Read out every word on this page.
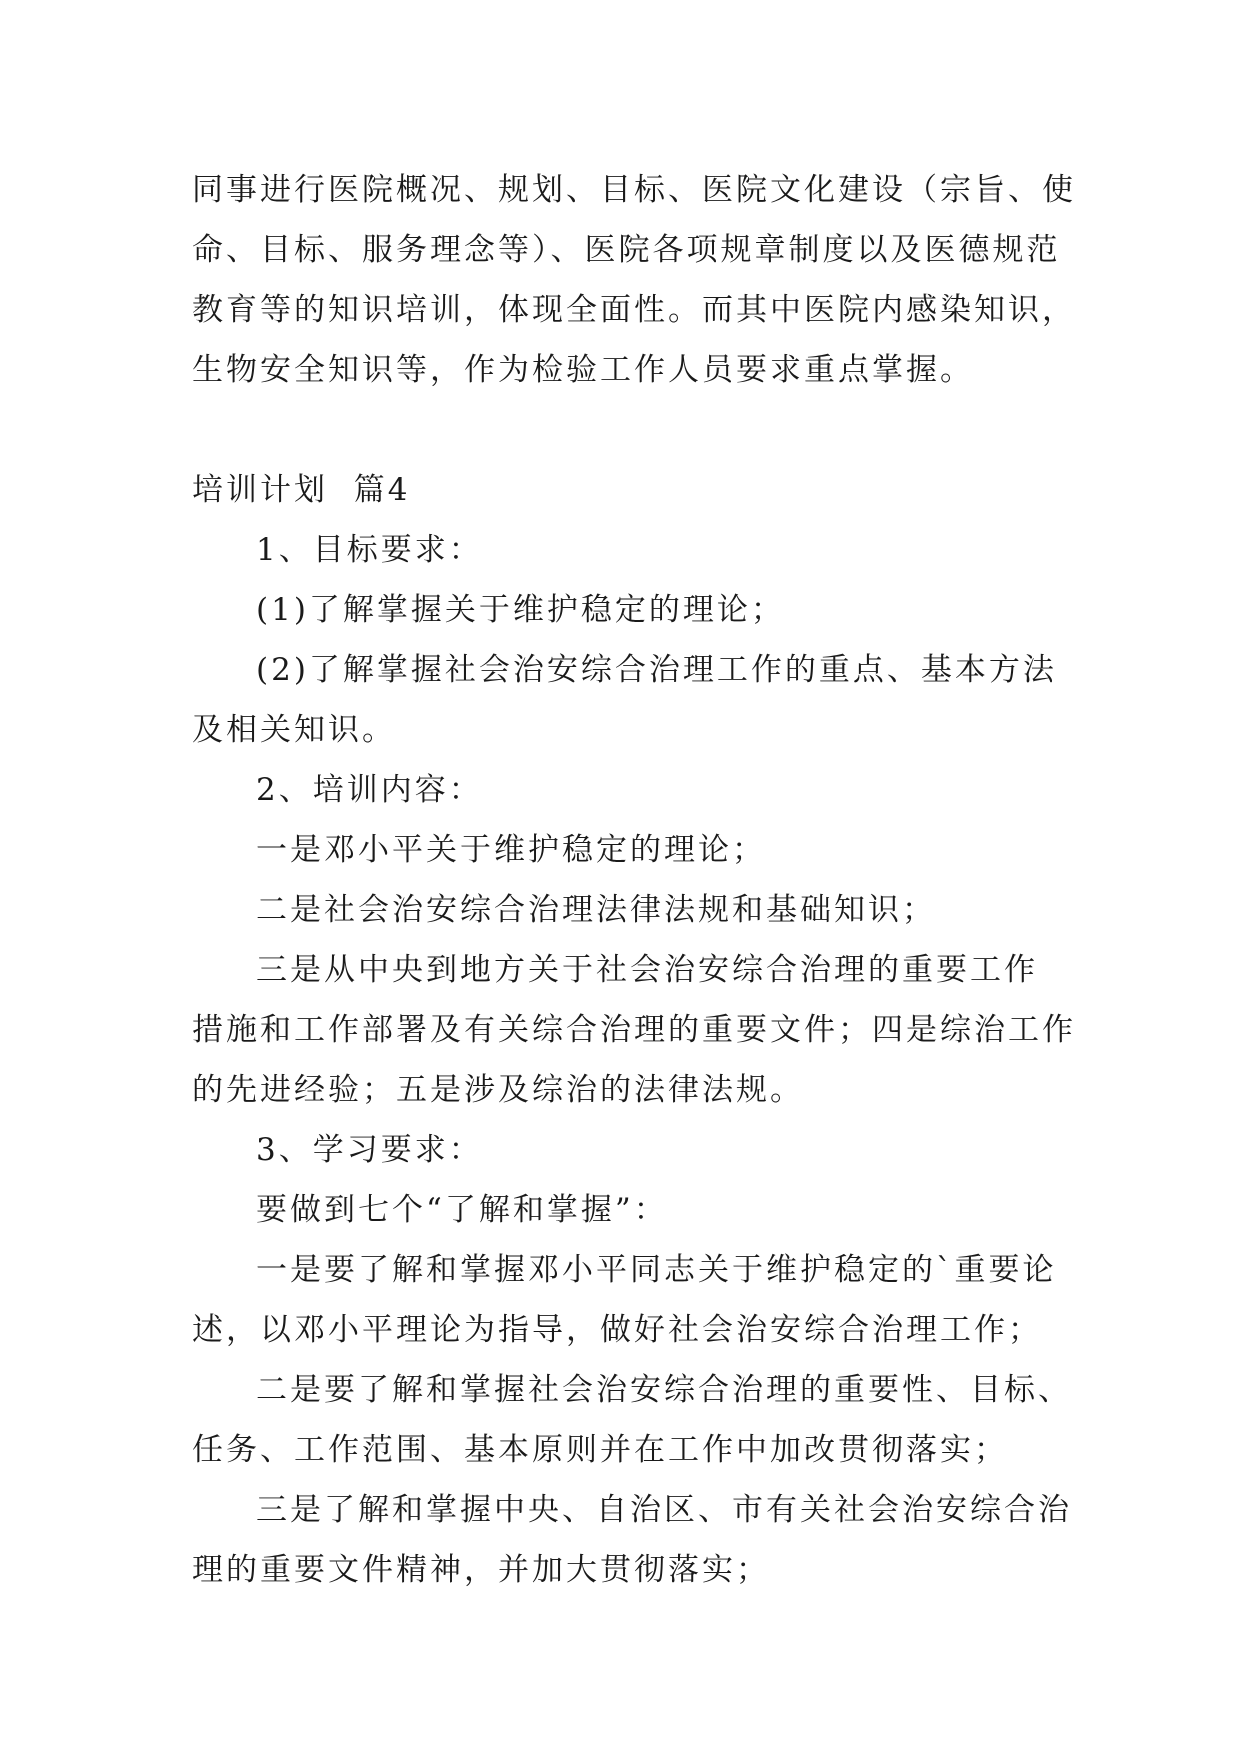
同事进行医院概况、规划、目标、医院文化建设（宗旨、使
命、目标、服务理念等）、医院各项规章制度以及医德规范
教育等的知识培训，体现全面性。而其中医院内感染知识，
生物安全知识等，作为检验工作人员要求重点掌握。
培训计划  篇4
1、目标要求：
(1)了解掌握关于维护稳定的理论；
(2)了解掌握社会治安综合治理工作的重点、基本方法
及相关知识。
2、培训内容：
一是邓小平关于维护稳定的理论；
二是社会治安综合治理法律法规和基础知识；
三是从中央到地方关于社会治安综合治理的重要工作
措施和工作部署及有关综合治理的重要文件；四是综治工作
的先进经验；五是涉及综治的法律法规。
3、学习要求：
要做到七个“了解和掌握”：
一是要了解和掌握邓小平同志关于维护稳定的`重要论
述，以邓小平理论为指导，做好社会治安综合治理工作；
二是要了解和掌握社会治安综合治理的重要性、目标、
任务、工作范围、基本原则并在工作中加改贯彻落实；
三是了解和掌握中央、自治区、市有关社会治安综合治
理的重要文件精神，并加大贯彻落实；
